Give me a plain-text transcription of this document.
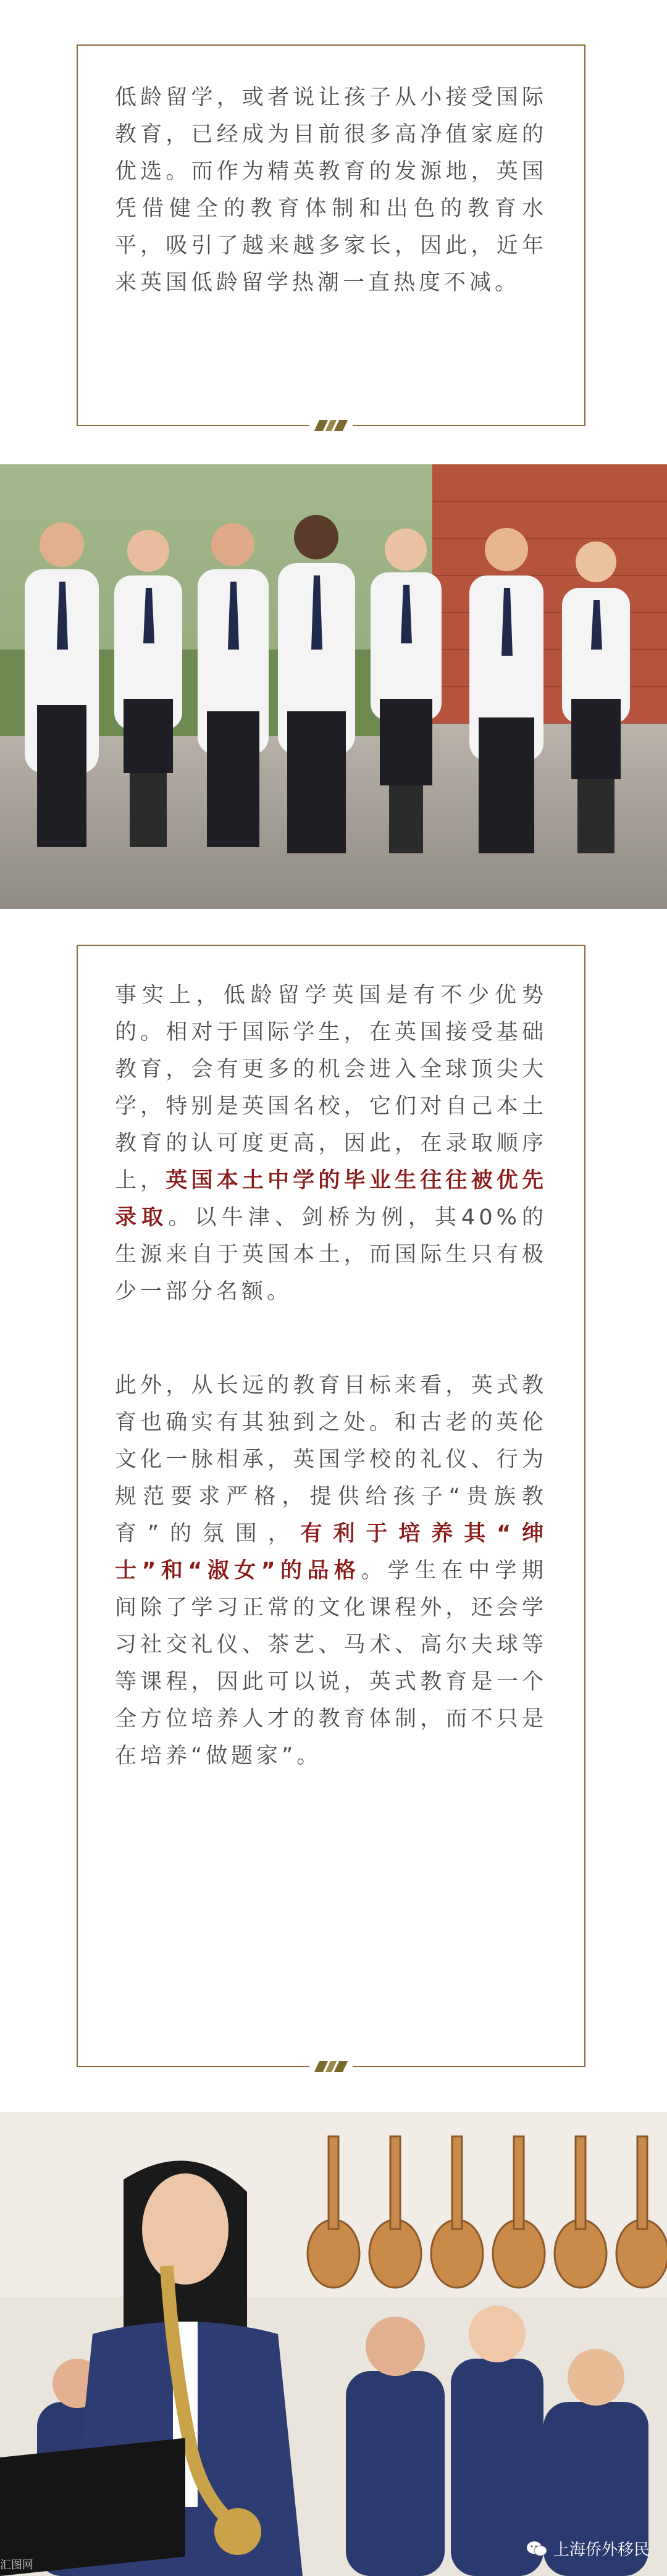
低龄留学，或者说让孩子从小接受国际教育，已经成为目前很多高净值家庭的优选。而作为精英教育的发源地，英国凭借健全的教育体制和出色的教育水平，吸引了越来越多家长，因此，近年来英国低龄留学热潮一直热度不减。

事实上，低龄留学英国是有不少优势的。相对于国际学生，在英国接受基础教育，会有更多的机会进入全球顶尖大学，特别是英国名校，它们对自己本土教育的认可度更高，因此，在录取顺序上，英国本土中学的毕业生往往被优先录取。以牛津、剑桥为例，其40%的生源来自于英国本土，而国际生只有极少一部分名额。

此外，从长远的教育目标来看，英式教育也确实有其独到之处。和古老的英伦文化一脉相承，英国学校的礼仪、行为规范要求严格，提供给孩子“贵族教育”的氛围，有利于培养其“绅士”和“淑女”的品格。学生在中学期间除了学习正常的文化课程外，还会学习社交礼仪、茶艺、马术、高尔夫球等等课程，因此可以说，英式教育是一个全方位培养人才的教育体制，而不只是在培养“做题家”。

汇图网
上海侨外移民
